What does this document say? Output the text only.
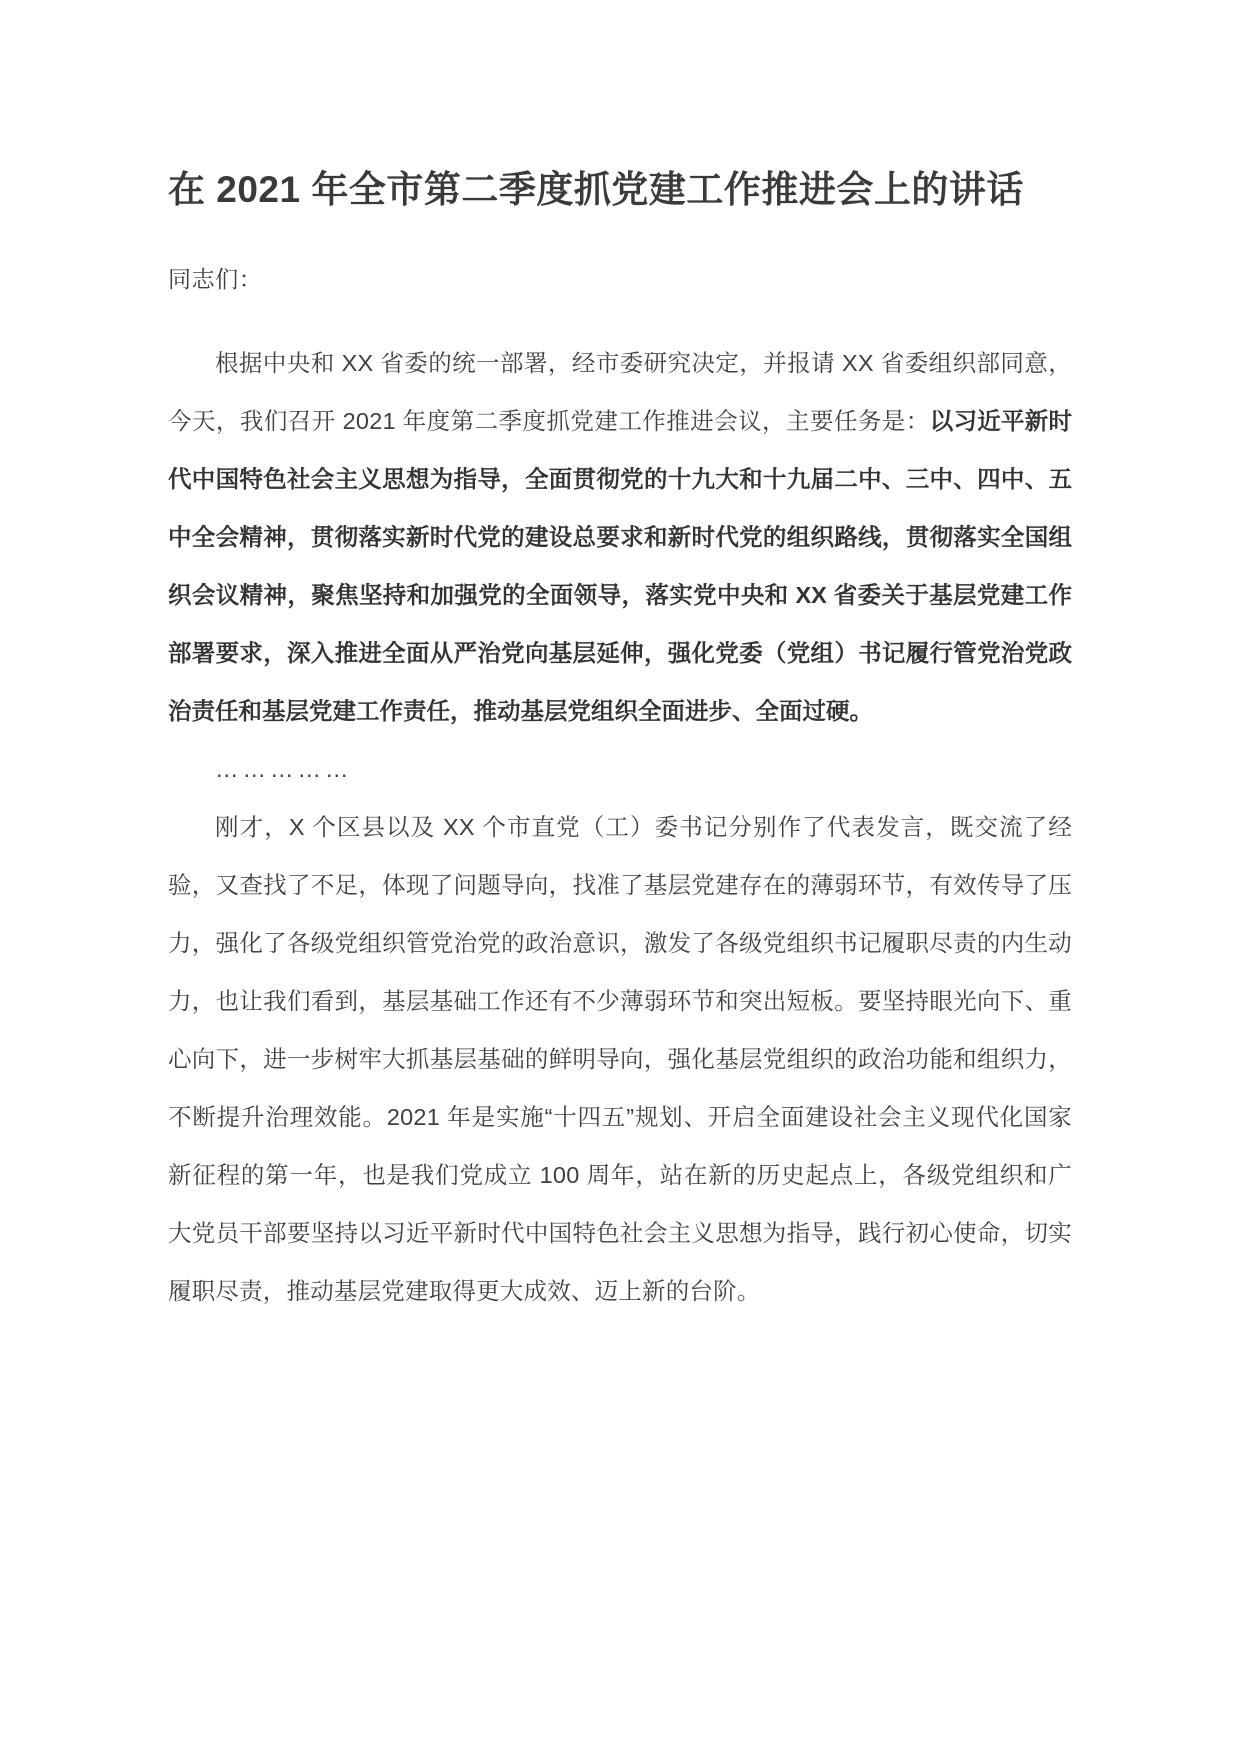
在 2021 年全市第二季度抓党建工作推进会上的讲话

同志们：

根据中央和 XX 省委的统一部署，经市委研究决定，并报请 XX 省委组织部同意，今天，我们召开 2021 年度第二季度抓党建工作推进会议，主要任务是：以习近平新时代中国特色社会主义思想为指导，全面贯彻党的十九大和十九届二中、三中、四中、五中全会精神，贯彻落实新时代党的建设总要求和新时代党的组织路线，贯彻落实全国组织会议精神，聚焦坚持和加强党的全面领导，落实党中央和 XX 省委关于基层党建工作部署要求，深入推进全面从严治党向基层延伸，强化党委（党组）书记履行管党治党政治责任和基层党建工作责任，推动基层党组织全面进步、全面过硬。

……………

刚才，X 个区县以及 XX 个市直党（工）委书记分别作了代表发言，既交流了经验，又查找了不足，体现了问题导向，找准了基层党建存在的薄弱环节，有效传导了压力，强化了各级党组织管党治党的政治意识，激发了各级党组织书记履职尽责的内生动力，也让我们看到，基层基础工作还有不少薄弱环节和突出短板。要坚持眼光向下、重心向下，进一步树牢大抓基层基础的鲜明导向，强化基层党组织的政治功能和组织力，不断提升治理效能。2021 年是实施“十四五”规划、开启全面建设社会主义现代化国家新征程的第一年，也是我们党成立 100 周年，站在新的历史起点上，各级党组织和广大党员干部要坚持以习近平新时代中国特色社会主义思想为指导，践行初心使命，切实履职尽责，推动基层党建取得更大成效、迈上新的台阶。
